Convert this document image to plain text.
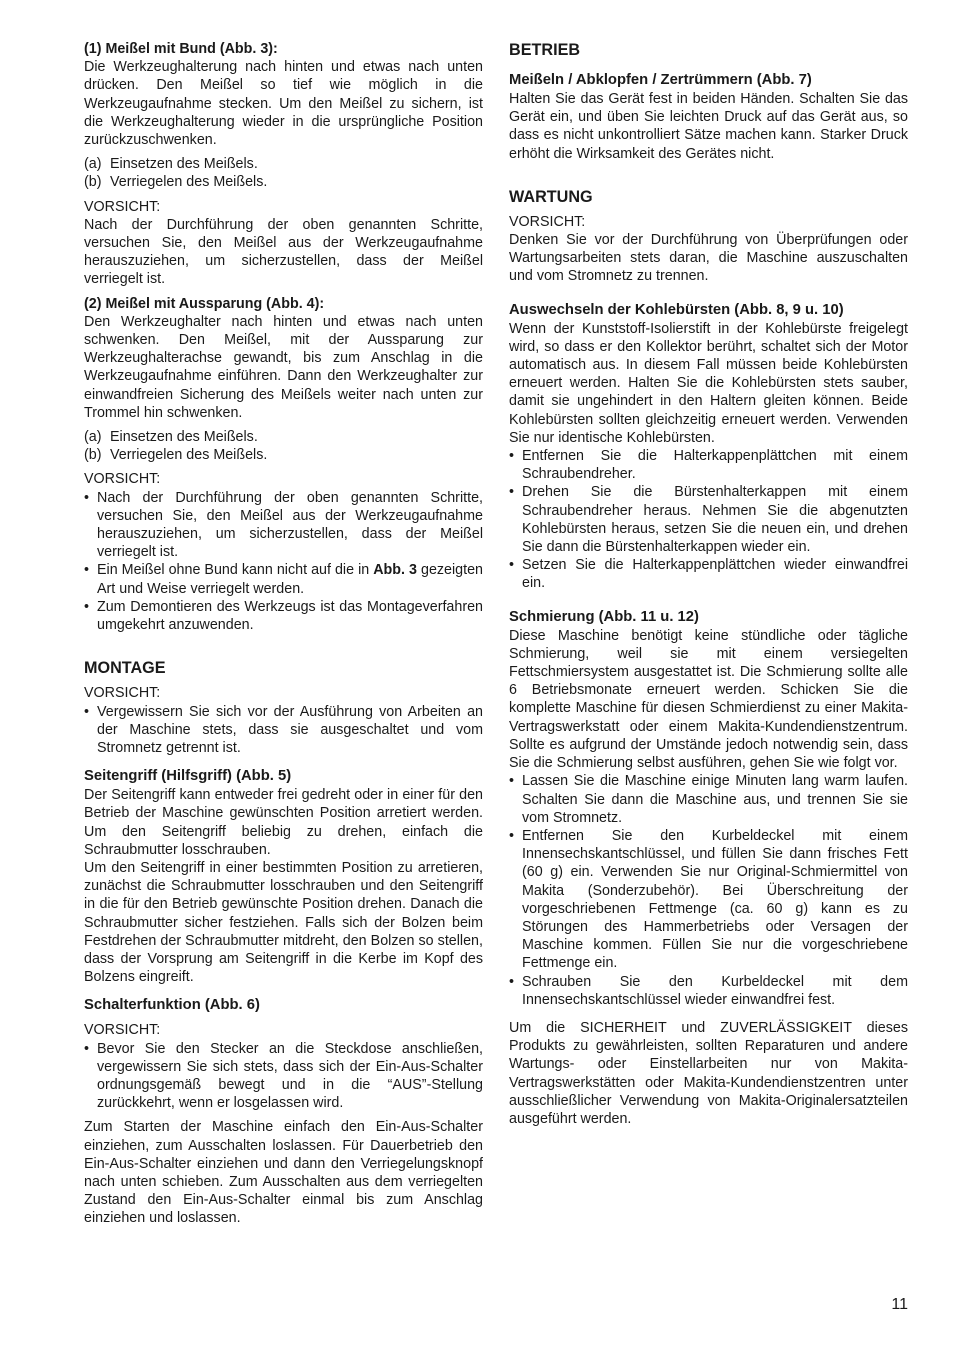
(1) Meißel mit Bund (Abb. 3):

Die Werkzeughalterung nach hinten und etwas nach unten drücken. Den Meißel so tief wie möglich in die Werkzeugaufnahme stecken. Um den Meißel zu sichern, ist die Werkzeughalterung wieder in die ursprüngliche Position zurückzuschwenken.

(a) Einsetzen des Meißels.
(b) Verriegelen des Meißels.
VORSICHT:

Nach der Durchführung der oben genannten Schritte, versuchen Sie, den Meißel aus der Werkzeugaufnahme herauszuziehen, um sicherzustellen, dass der Meißel verriegelt ist.

(2) Meißel mit Aussparung (Abb. 4):

Den Werkzeughalter nach hinten und etwas nach unten schwenken. Den Meißel, mit der Aussparung zur Werkzeughalterachse gewandt, bis zum Anschlag in die Werkzeugaufnahme einführen. Dann den Werkzeughalter zur einwandfreien Sicherung des Meißels weiter nach unten zur Trommel hin schwenken.

(a) Einsetzen des Meißels.
(b) Verriegelen des Meißels.
VORSICHT:
• Nach der Durchführung der oben genannten Schritte, versuchen Sie, den Meißel aus der Werkzeugaufnahme herauszuziehen, um sicherzustellen, dass der Meißel verriegelt ist.
• Ein Meißel ohne Bund kann nicht auf die in Abb. 3 gezeigten Art und Weise verriegelt werden.
• Zum Demontieren des Werkzeugs ist das Montageverfahren umgekehrt anzuwenden.
MONTAGE
VORSICHT:
• Vergewissern Sie sich vor der Ausführung von Arbeiten an der Maschine stets, dass sie ausgeschaltet und vom Stromnetz getrennt ist.
Seitengriff (Hilfsgriff) (Abb. 5)

Der Seitengriff kann entweder frei gedreht oder in einer für den Betrieb der Maschine gewünschten Position arretiert werden. Um den Seitengriff beliebig zu drehen, einfach die Schraubmutter losschrauben.

Um den Seitengriff in einer bestimmten Position zu arretieren, zunächst die Schraubmutter losschrauben und den Seitengriff in die für den Betrieb gewünschte Position drehen. Danach die Schraubmutter sicher festziehen. Falls sich der Bolzen beim Festdrehen der Schraubmutter mitdreht, den Bolzen so stellen, dass der Vorsprung am Seitengriff in die Kerbe im Kopf des Bolzens eingreift.

Schalterfunktion (Abb. 6)
VORSICHT:
• Bevor Sie den Stecker an die Steckdose anschließen, vergewissern Sie sich stets, dass sich der Ein-Aus-Schalter ordnungsgemäß bewegt und in die “AUS”-Stellung zurückkehrt, wenn er losgelassen wird.

Zum Starten der Maschine einfach den Ein-Aus-Schalter einziehen, zum Ausschalten loslassen. Für Dauerbetrieb den Ein-Aus-Schalter einziehen und dann den Verriegelungsknopf nach unten schieben. Zum Ausschalten aus dem verriegelten Zustand den Ein-Aus-Schalter einmal bis zum Anschlag einziehen und loslassen.

BETRIEB
Meißeln / Abklopfen / Zertrümmern (Abb. 7)

Halten Sie das Gerät fest in beiden Händen. Schalten Sie das Gerät ein, und üben Sie leichten Druck auf das Gerät aus, so dass es nicht unkontrolliert Sätze machen kann. Starker Druck erhöht die Wirksamkeit des Gerätes nicht.

WARTUNG
VORSICHT:

Denken Sie vor der Durchführung von Überprüfungen oder Wartungsarbeiten stets daran, die Maschine auszuschalten und vom Stromnetz zu trennen.

Auswechseln der Kohlebürsten (Abb. 8, 9 u. 10)

Wenn der Kunststoff-Isolierstift in der Kohlebürste freigelegt wird, so dass er den Kollektor berührt, schaltet sich der Motor automatisch aus. In diesem Fall müssen beide Kohlebürsten erneuert werden. Halten Sie die Kohlebürsten stets sauber, damit sie ungehindert in den Haltern gleiten können. Beide Kohlebürsten sollten gleichzeitig erneuert werden. Verwenden Sie nur identische Kohlebürsten.

• Entfernen Sie die Halterkappenplättchen mit einem Schraubendreher.
• Drehen Sie die Bürstenhalterkappen mit einem Schraubendreher heraus. Nehmen Sie die abgenutzten Kohlebürsten heraus, setzen Sie die neuen ein, und drehen Sie dann die Bürstenhalterkappen wieder ein.
• Setzen Sie die Halterkappenplättchen wieder einwandfrei ein.
Schmierung (Abb. 11 u. 12)

Diese Maschine benötigt keine stündliche oder tägliche Schmierung, weil sie mit einem versiegelten Fettschmiersystem ausgestattet ist. Die Schmierung sollte alle 6 Betriebsmonate erneuert werden. Schicken Sie die komplette Maschine für diesen Schmierdienst zu einer Makita-Vertragswerkstatt oder einem Makita-Kundendienstzentrum. Sollte es aufgrund der Umstände jedoch notwendig sein, dass Sie die Schmierung selbst ausführen, gehen Sie wie folgt vor.

• Lassen Sie die Maschine einige Minuten lang warm laufen. Schalten Sie dann die Maschine aus, und trennen Sie sie vom Stromnetz.
• Entfernen Sie den Kurbeldeckel mit einem Innensechskantschlüssel, und füllen Sie dann frisches Fett (60 g) ein. Verwenden Sie nur Original-Schmiermittel von Makita (Sonderzubehör). Bei Überschreitung der vorgeschriebenen Fettmenge (ca. 60 g) kann es zu Störungen des Hammerbetriebs oder Versagen der Maschine kommen. Füllen Sie nur die vorgeschriebene Fettmenge ein.
• Schrauben Sie den Kurbeldeckel mit dem Innensechskantschlüssel wieder einwandfrei fest.

Um die SICHERHEIT und ZUVERLÄSSIGKEIT dieses Produkts zu gewährleisten, sollten Reparaturen und andere Wartungs- oder Einstellarbeiten nur von Makita-Vertragswerkstätten oder Makita-Kundendienstzentren unter ausschließlicher Verwendung von Makita-Originalersatzteilen ausgeführt werden.

11
